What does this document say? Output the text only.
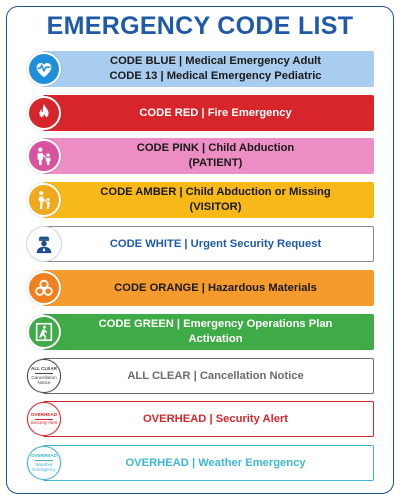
EMERGENCY CODE LIST
CODE BLUE | Medical Emergency Adult
CODE 13 | Medical Emergency Pediatric
CODE RED | Fire Emergency
CODE PINK | Child Abduction
(PATIENT)
CODE AMBER | Child Abduction or Missing
(VISITOR)
CODE WHITE | Urgent Security Request
CODE ORANGE | Hazardous Materials
CODE GREEN | Emergency Operations Plan
Activation
ALL CLEAR | Cancellation Notice
ALL CLEAR
Cancellation Notice
OVERHEAD | Security Alert
OVERHEAD
Security Alert
OVERHEAD | Weather Emergency
OVERHEAD
Weather Emergency
